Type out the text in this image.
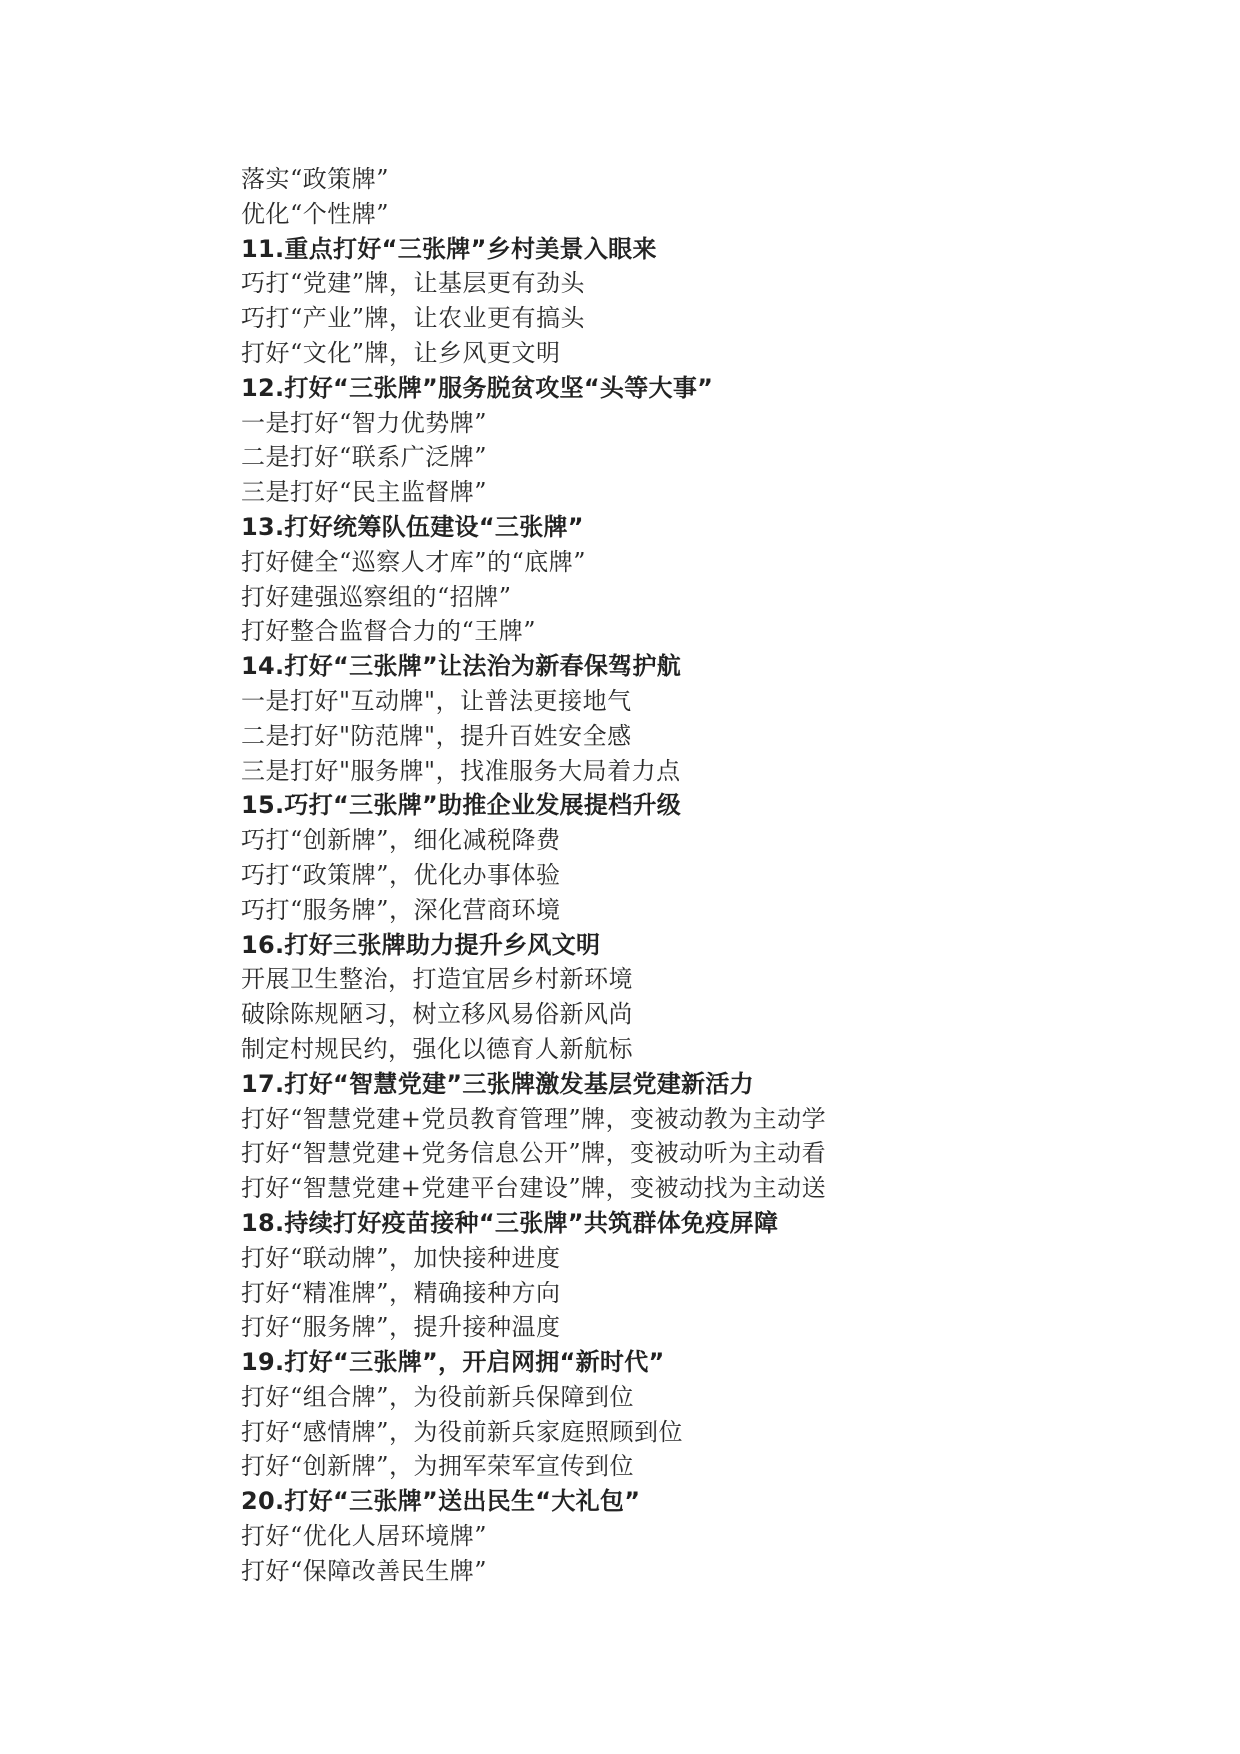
落实“政策牌”
优化“个性牌”
11.重点打好“三张牌”乡村美景入眼来
巧打“党建”牌，让基层更有劲头
巧打“产业”牌，让农业更有搞头
打好“文化”牌，让乡风更文明
12.打好“三张牌”服务脱贫攻坚“头等大事”
一是打好“智力优势牌”
二是打好“联系广泛牌”
三是打好“民主监督牌”
13.打好统筹队伍建设“三张牌”
打好健全“巡察人才库”的“底牌”
打好建强巡察组的“招牌”
打好整合监督合力的“王牌”
14.打好“三张牌”让法治为新春保驾护航
一是打好"互动牌"，让普法更接地气
二是打好"防范牌"，提升百姓安全感
三是打好"服务牌"，找准服务大局着力点
15.巧打“三张牌”助推企业发展提档升级
巧打“创新牌”，细化减税降费
巧打“政策牌”，优化办事体验
巧打“服务牌”，深化营商环境
16.打好三张牌助力提升乡风文明
开展卫生整治，打造宜居乡村新环境
破除陈规陋习，树立移风易俗新风尚
制定村规民约，强化以德育人新航标
17.打好“智慧党建”三张牌激发基层党建新活力
打好“智慧党建+党员教育管理”牌，变被动教为主动学
打好“智慧党建+党务信息公开”牌，变被动听为主动看
打好“智慧党建+党建平台建设”牌，变被动找为主动送
18.持续打好疫苗接种“三张牌”共筑群体免疫屏障
打好“联动牌”，加快接种进度
打好“精准牌”，精确接种方向
打好“服务牌”，提升接种温度
19.打好“三张牌”，开启网拥“新时代”
打好“组合牌”，为役前新兵保障到位
打好“感情牌”，为役前新兵家庭照顾到位
打好“创新牌”，为拥军荣军宣传到位
20.打好“三张牌”送出民生“大礼包”
打好“优化人居环境牌”
打好“保障改善民生牌”
